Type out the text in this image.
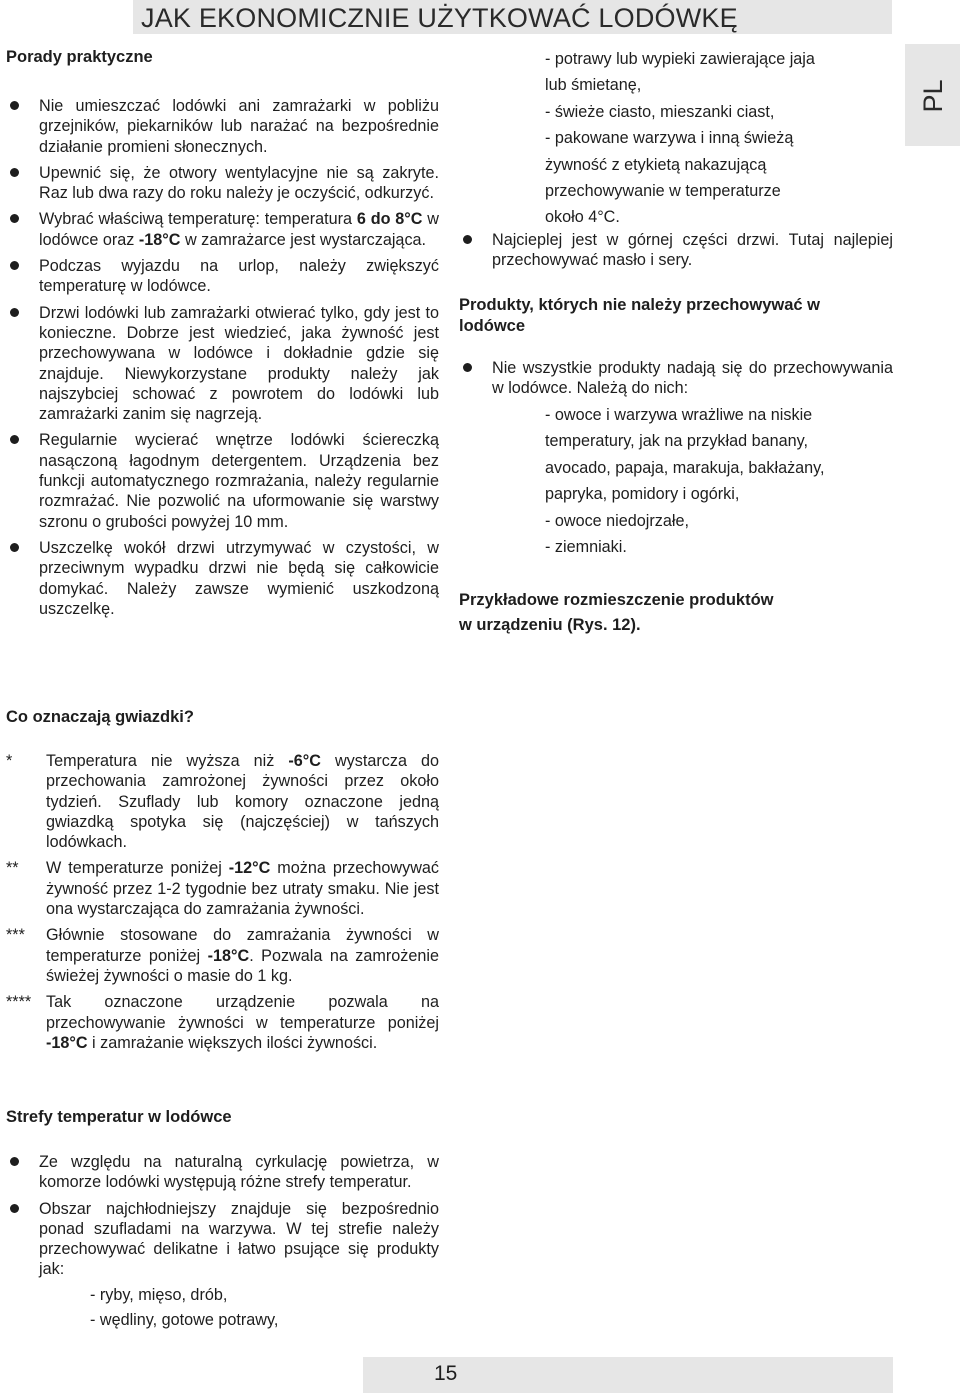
JAK EKONOMICZNIE UŻYTKOWAĆ LODÓWKĘ
PL
Porady praktyczne
Nie umieszczać lodówki ani zamrażarki w pobliżu grzejników, piekarników lub narażać na bezpośrednie działanie promieni słonecznych.
Upewnić się, że otwory wentylacyjne nie są zakryte. Raz lub dwa razy do roku należy je oczyścić, odkurzyć.
Wybrać właściwą temperaturę: temperatura 6 do 8°C w lodówce oraz -18°C w zamrażarce jest wystarczająca.
Podczas wyjazdu na urlop, należy zwiększyć temperaturę w lodówce.
Drzwi lodówki lub zamrażarki otwierać tylko, gdy jest to konieczne. Dobrze jest wiedzieć, jaka żywność jest przechowywana w lodówce i dokładnie gdzie się znajduje. Niewykorzystane produkty należy jak najszybciej schować z powrotem do lodówki lub zamrażarki zanim się nagrzeją.
Regularnie wycierać wnętrze lodówki ściereczką nasączoną łagodnym detergentem. Urządzenia bez funkcji automatycznego rozmrażania, należy regularnie rozmrażać. Nie pozwolić na uformowanie się warstwy szronu o grubości powyżej 10 mm.
Uszczelkę wokół drzwi utrzymywać w czystości, w przeciwnym wypadku drzwi nie będą się całkowicie domykać. Należy zawsze wymienić uszkodzoną uszczelkę.
Co oznaczają gwiazdki?
* Temperatura nie wyższa niż -6°C wystarcza do przechowania zamrożonej żywności przez około tydzień. Szuflady lub komory oznaczone jedną gwiazdką spotyka się (najczęściej) w tańszych lodówkach.
** W temperaturze poniżej -12°C można przechowywać żywność przez 1-2 tygodnie bez utraty smaku. Nie jest ona wystarczająca do zamrażania żywności.
*** Głównie stosowane do zamrażania żywności w temperaturze poniżej -18°C. Pozwala na zamrożenie świeżej żywności o masie do 1 kg.
**** Tak oznaczone urządzenie pozwala na przechowywanie żywności w temperaturze poniżej -18°C i zamrażanie większych ilości żywności.
Strefy temperatur w lodówce
Ze względu na naturalną cyrkulację powietrza, w komorze lodówki występują różne strefy temperatur.
Obszar najchłodniejszy znajduje się bezpośrednio ponad szufladami na warzywa. W tej strefie należy przechowywać delikatne i łatwo psujące się produkty jak:
- ryby, mięso, drób,
- wędliny, gotowe potrawy,
- potrawy lub wypieki zawierające jaja
lub śmietanę,
- świeże ciasto, mieszanki ciast,
- pakowane warzywa i inną świeżą
żywność z etykietą nakazującą
przechowywanie w temperaturze
około 4°C.
Najcieplej jest w górnej części drzwi. Tutaj najlepiej przechowywać masło i sery.
Produkty, których nie należy przechowywać w lodówce
Nie wszystkie produkty nadają się do przechowywania w lodówce. Należą do nich:
- owoce i warzywa wrażliwe na niskie
temperatury, jak na przykład banany,
avocado, papaja, marakuja, bakłażany,
papryka, pomidory i ogórki,
- owoce niedojrzałe,
- ziemniaki.
Przykładowe rozmieszczenie produktów
w urządzeniu (Rys. 12).
15
